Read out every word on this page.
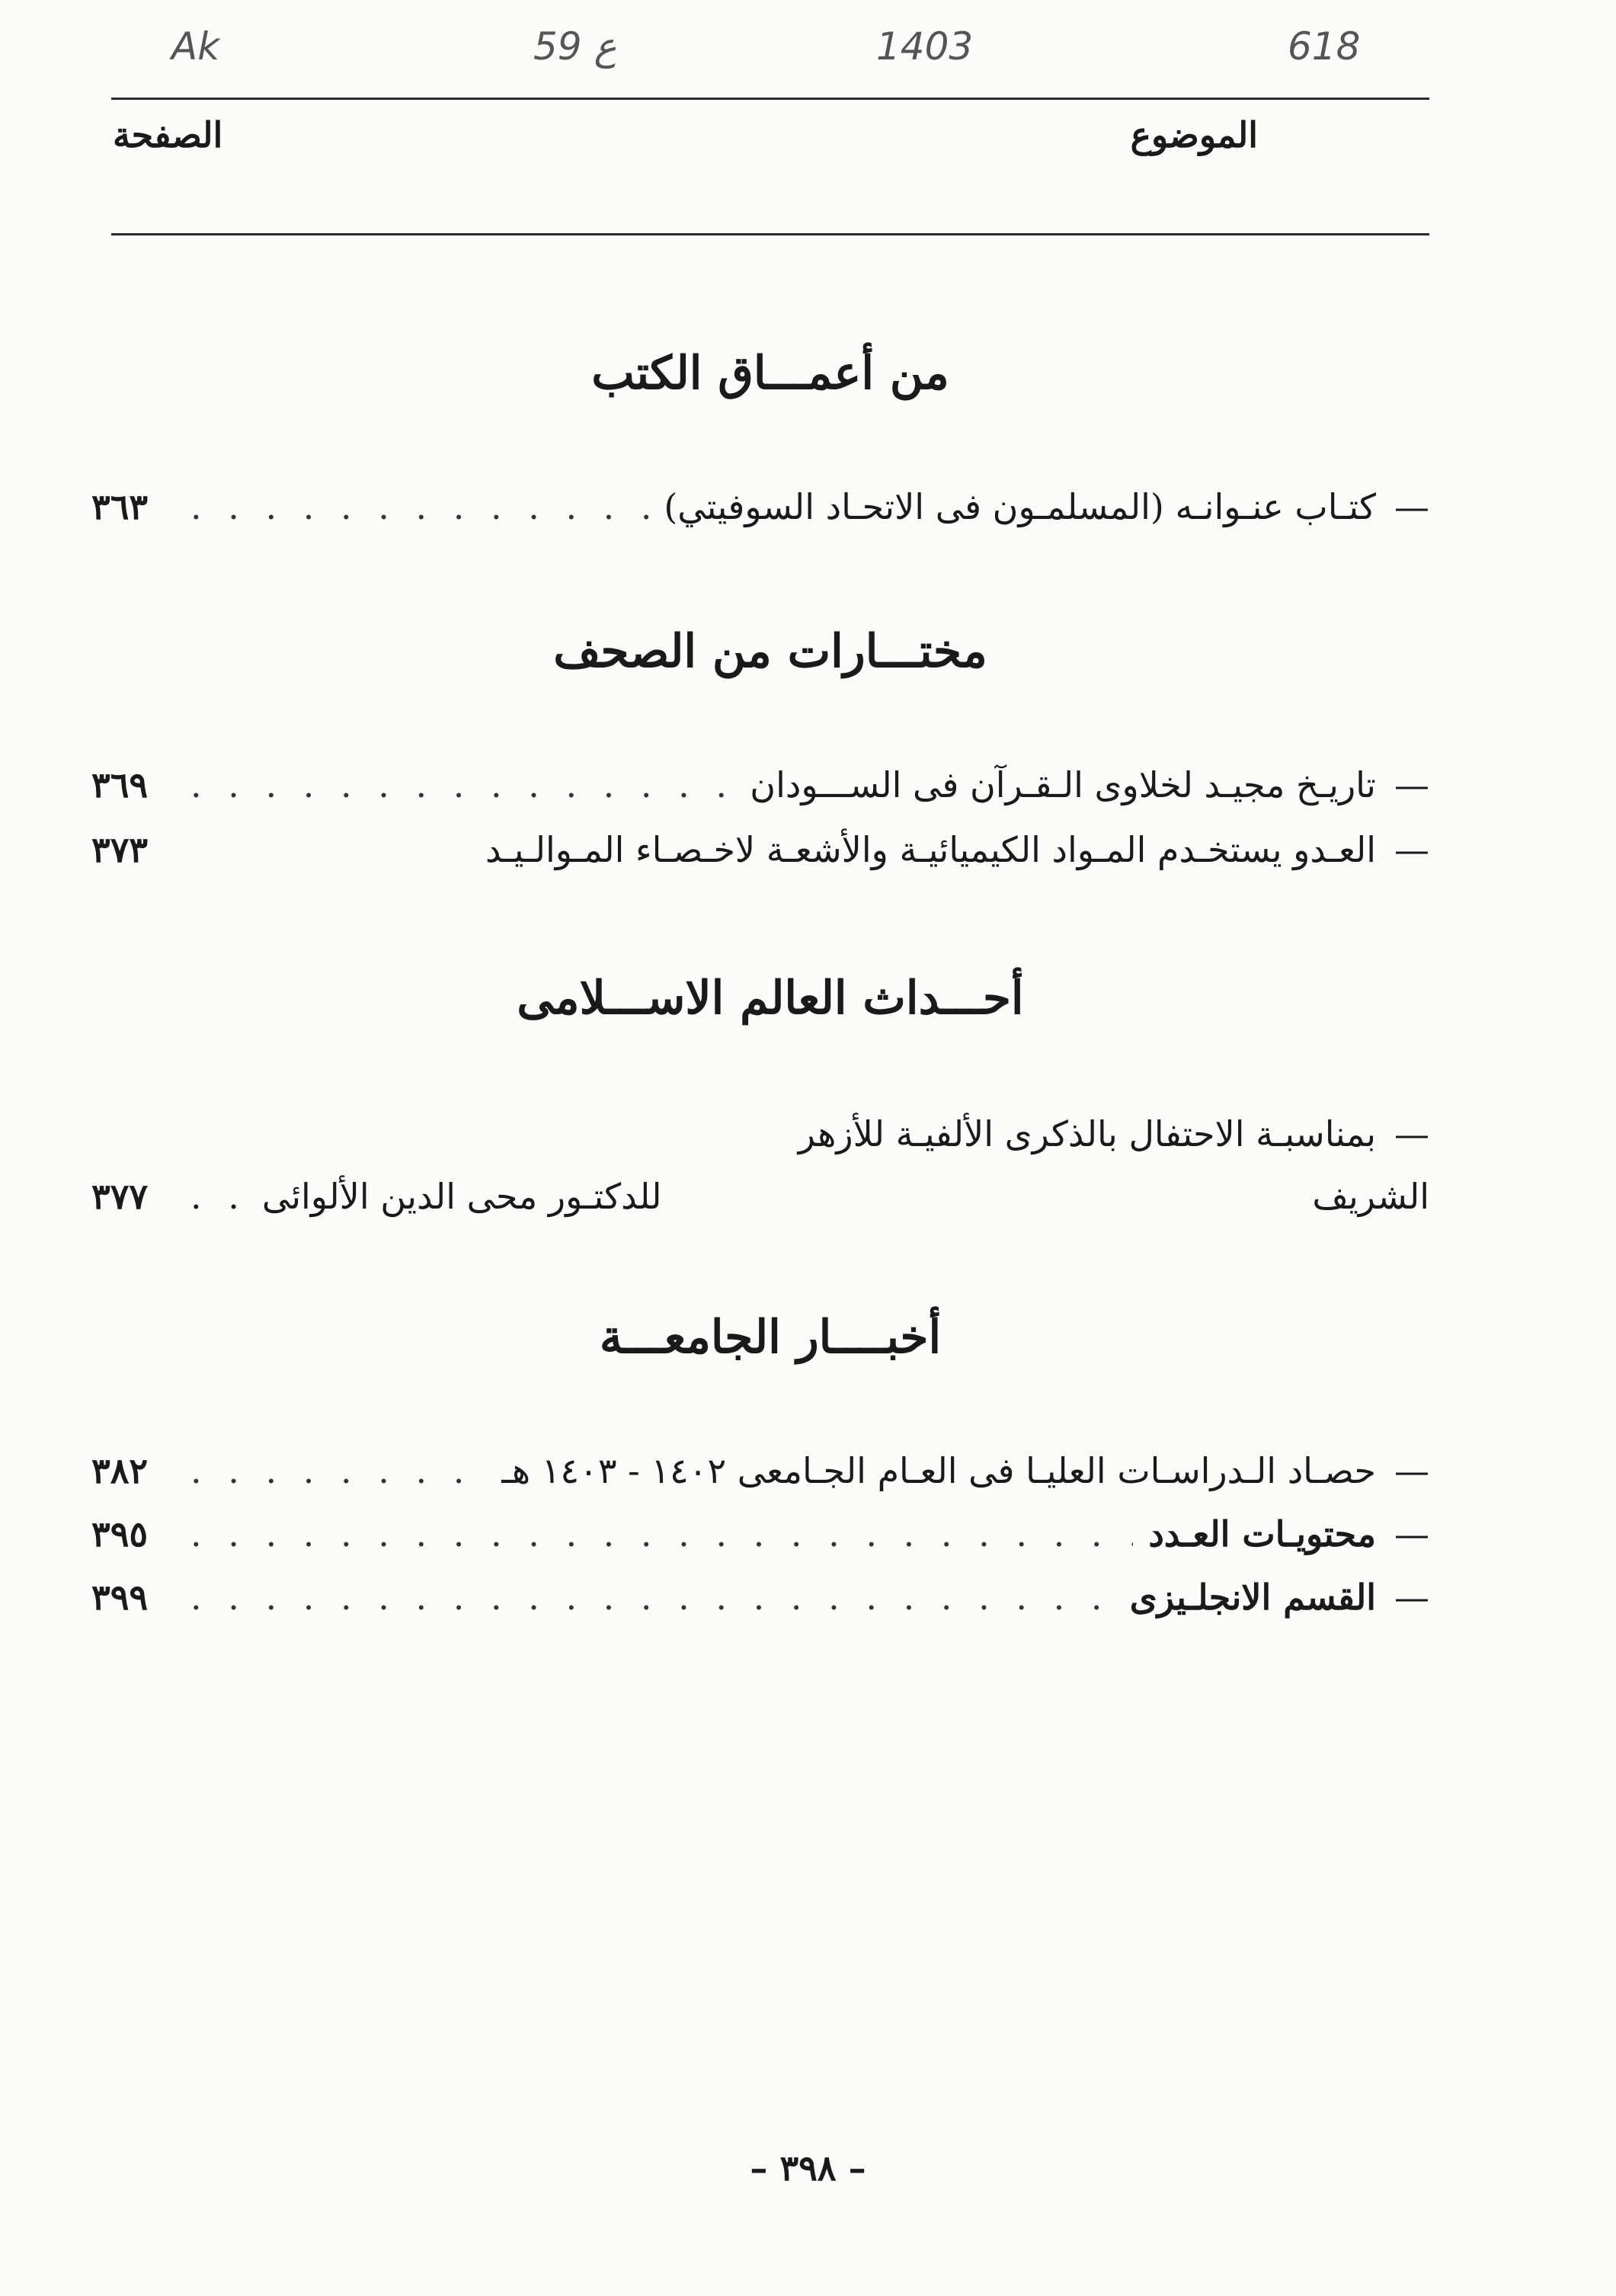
618
1403
ع 59
Ak
الموضوع
الصفحة
من أعمـــاق الكتب
—
كتـاب عنـوانـه (المسلمـون فى الاتحـاد السوفيتي)
. . .
٣٦٣
مختـــارات من الصحف
—
تاريـخ مجيـد لخلاوى الـقـرآن فى الســـودان
. . .
٣٦٩
—
العـدو يستخـدم المـواد الكيميائيـة والأشعـة لاخـصـاء المـوالـيـد
٣٧٣
أحـــداث العالم الاســـلامى
—
بمناسبـة الاحتفال بالذكرى الألفيـة للأزهر
الشريف
للدكتـور محى الدين الألوائى
. .
٣٧٧
أخبــــار الجامعـــة
—
حصـاد الـدراسـات العليـا فى العـام الجـامعى ١٤٠٢ - ١٤٠٣ هـ
. . .
٣٨٢
—
محتويـات العـدد
. . .
٣٩٥
—
القسم الانجلـيزى
. . .
٣٩٩
– ٣٩٨ –
